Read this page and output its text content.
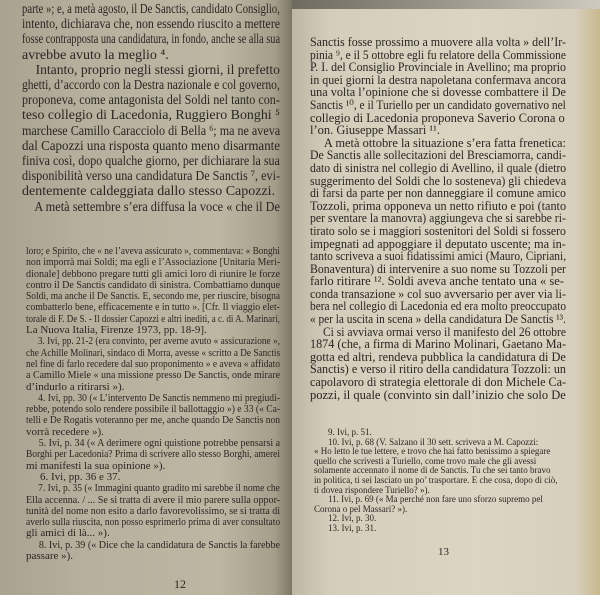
parte »; e, a metà agosto, il De Sanctis, candidato Consiglio,
intento, dichiarava che, non essendo riuscito a mettere
fosse contrapposta una candidatura, in fondo, anche se alla sua
avrebbe avuto la meglio ⁴.
Intanto, proprio negli stessi giorni, il prefetto
ghetti, d’accordo con la Destra nazionale e col governo,
proponeva, come antagonista del Soldi nel tanto con-
teso collegio di Lacedonia, Ruggiero Bonghi ⁵
marchese Camillo Caracciolo di Bella ⁶; ma ne aveva
dal Capozzi una risposta quanto meno disarmante
finiva così, dopo qualche giorno, per dichiarare la sua
disponibilità verso una candidatura De Sanctis ⁷, evi-
dentemente caldeggiata dallo stesso Capozzi.
A metà settembre s’era diffusa la voce « che il De
loro; e Spirito, che « ne l’aveva assicurato », commentava: « Bonghi
non imporrà mai Soldi; ma egli e l’Associazione [Unitaria Meri-
dionale] debbono pregare tutti gli amici loro di riunire le forze
contro il De Sanctis candidato di sinistra. Combattiamo dunque
Soldi, ma anche il De Sanctis. E, secondo me, per riuscire, bisogna
combatterlo bene, efficacemente e in tutto ». [Cfr. Il viaggio elet-
torale di F. De S. - Il dossier Capozzi e altri inediti, a c. di A. Marinari,
La Nuova Italia, Firenze 1973, pp. 18-9].
3. Ivi, pp. 21-2 (era convinto, per averne avuto « assicurazione »,
che Achille Molinari, sindaco di Morra, avesse « scritto a De Sanctis
nel fine di farlo recedere dal suo proponimento » e aveva « affidato
a Camillo Miele « una missione presso De Sanctis, onde mirare
d’indurlo a ritirarsi »).
4. Ivi, pp. 30 (« L’intervento De Sanctis nemmeno mi pregiudi-
rebbe, potendo solo rendere possibile il ballottaggio ») e 33 (« Ca-
telli e De Rogatis voteranno per me, anche quando De Sanctis non
vorrà recedere »).
5. Ivi, p. 34 (« A derimere ogni quistione potrebbe pensarsi a
Borghi per Lacedonia? Prima di scrivere allo stesso Borghi, amerei
mi manifesti la sua opinione »).
6. Ivi, pp. 36 e 37.
7. Ivi, p. 35 (« Immagini quanto gradito mi sarebbe il nome che
Ella accenna. / ... Se si tratta di avere il mio parere sulla oppor-
tunità del nome non esito a darlo favorevolissimo, se si tratta di
averlo sulla riuscita, non posso esprimerlo prima di aver consultato
gli amici di là... »).
8. Ivi, p. 39 (« Dice che la candidatura de Sanctis la farebbe
passare »).
12
Sanctis fosse prossimo a muovere alla volta » dell’Ir-
pinia ⁹, e il 5 ottobre egli fu relatore della Commissione
P. I. del Consiglio Provinciale in Avellino; ma proprio
in quei giorni la destra napoletana confermava ancora
una volta l’opinione che si dovesse combattere il De
Sanctis ¹⁰, e il Turiello per un candidato governativo nel
collegio di Lacedonia proponeva Saverio Corona o
l’on. Giuseppe Massari ¹¹.
A metà ottobre la situazione s’era fatta frenetica:
De Sanctis alle sollecitazioni del Bresciamorra, candi-
dato di sinistra nel collegio di Avellino, il quale (dietro
suggerimento del Soldi che lo sosteneva) gli chiedeva
di farsi da parte per non danneggiare il comune amico
Tozzoli, prima opponeva un netto rifiuto e poi (tanto
per sventare la manovra) aggiungeva che si sarebbe ri-
tirato solo se i maggiori sostenitori del Soldi si fossero
impegnati ad appoggiare il deputato uscente; ma in-
tanto scriveva a suoi fidatissimi amici (Mauro, Cipriani,
Bonaventura) di intervenire a suo nome su Tozzoli per
farlo ritirare ¹². Soldi aveva anche tentato una « se-
conda transazione » col suo avversario per aver via li-
bera nel collegio di Lacedonia ed era molto preoccupato
« per la uscita in scena » della candidatura De Sanctis ¹³.
Ci si avviava ormai verso il manifesto del 26 ottobre
1874 (che, a firma di Marino Molinari, Gaetano Ma-
gotta ed altri, rendeva pubblica la candidatura di De
Sanctis) e verso il ritiro della candidatura Tozzoli: un
capolavoro di strategia elettorale di don Michele Ca-
pozzi, il quale (convinto sin dall’inizio che solo De
9. Ivi, p. 51.
10. Ivi, p. 68 (V. Salzano il 30 sett. scriveva a M. Capozzi:
« Ho letto le tue lettere, e trovo che hai fatto benissimo a spiegare
quello che scrivesti a Turiello, come trovo male che gli avessi
solamente accennato il nome di de Sanctis. Tu che sei tanto bravo
in politica, ti sei lasciato un po’ trasportare. E che cosa, dopo di ciò,
ti dovea rispondere Turiello? »).
11. Ivi, p. 69 (« Ma perché non fare uno sforzo supremo pel
Corona o pel Massari? »).
12. Ivi, p. 30.
13. Ivi, p. 31.
13
